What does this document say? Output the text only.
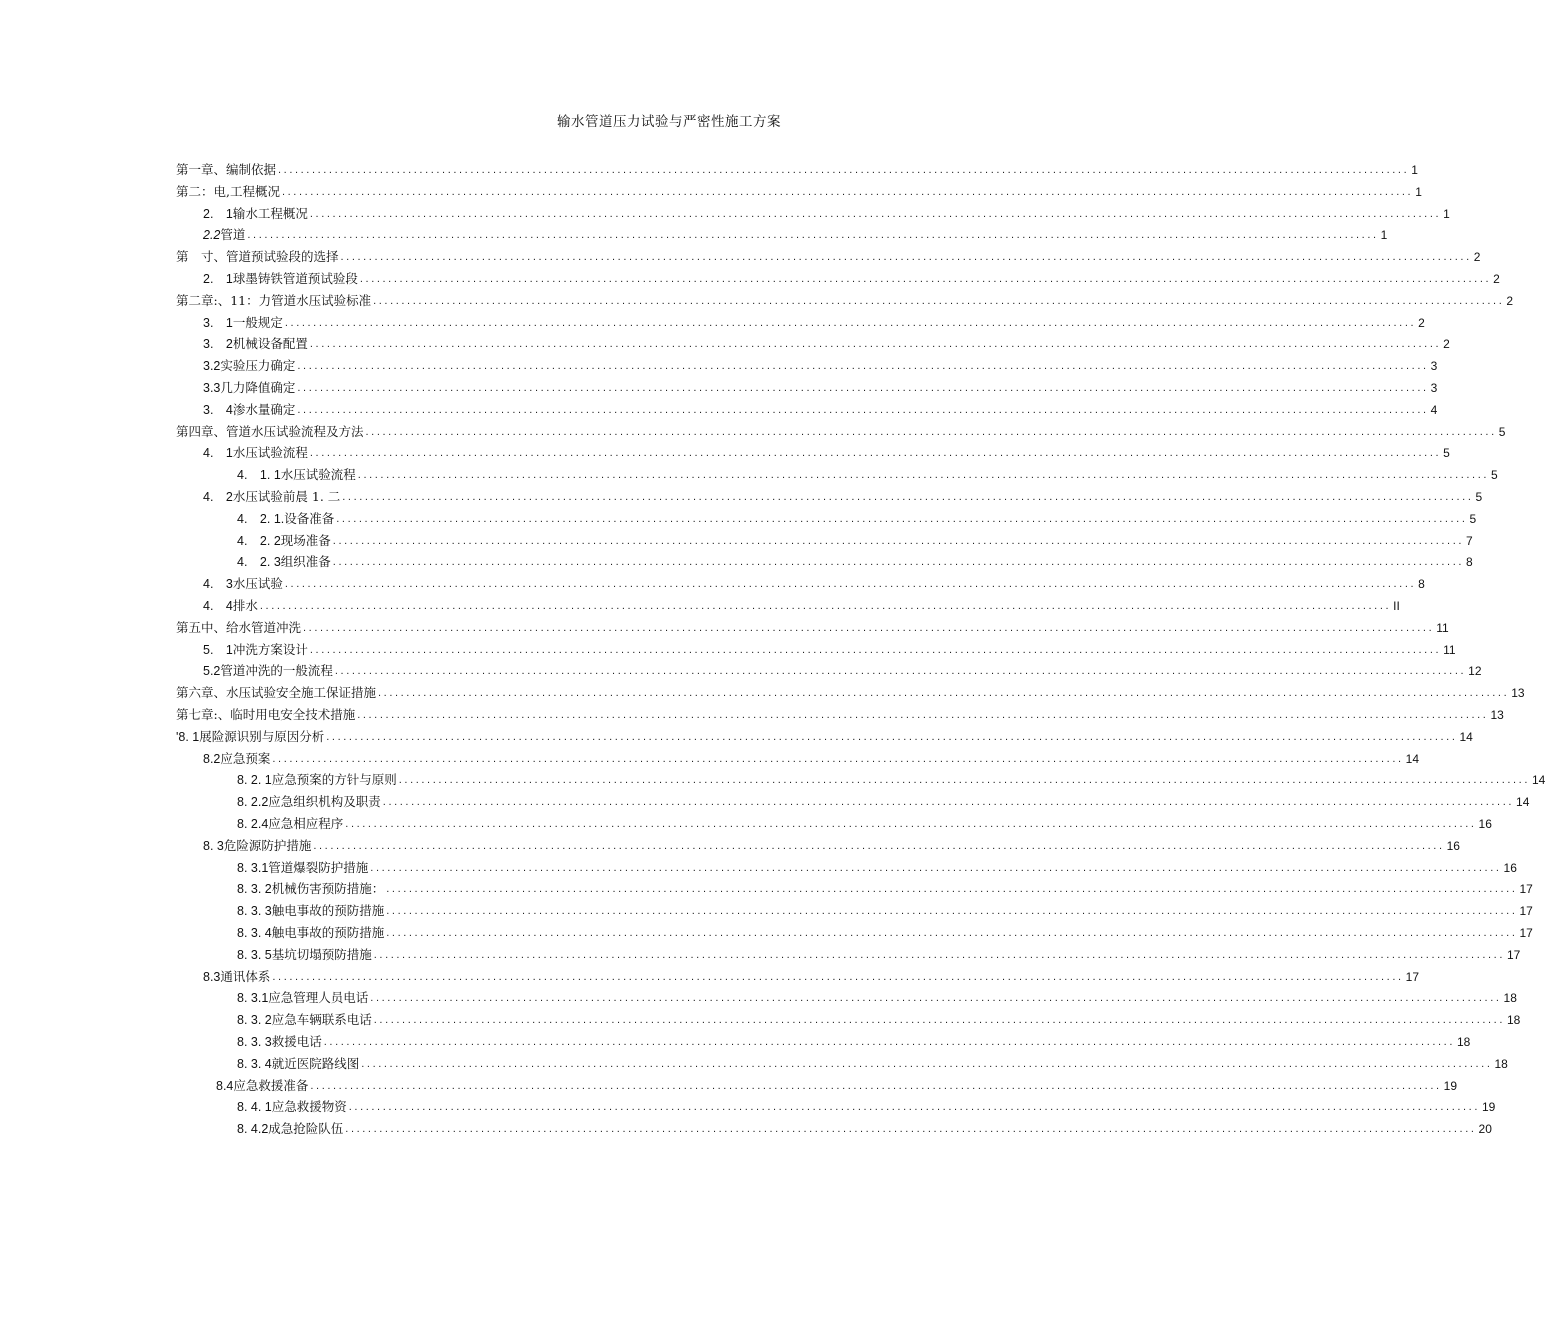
输水管道压力试验与严密性施工方案
第一章、编制依据 ........................................................................................................................................................................................................ 1
第二：电,工程概况 ........................................................................................................................................................................................................ 1
2.　1 输水工程概况 ........................................................................................................................................................................................................ 1
2.2 管道 ........................................................................................................................................................................................................ 1
第　寸、管道预试验段的选择 ........................................................................................................................................................................................................ 2
2.　1 球墨铸铁管道预试验段 ........................................................................................................................................................................................................ 2
第二章:、11：力管道水压试验标准 ........................................................................................................................................................................................................ 2
3.　1 一般规定 ........................................................................................................................................................................................................ 2
3.　2 机械设备配置 ........................................................................................................................................................................................................ 2
3.2 实验压力确定 ........................................................................................................................................................................................................ 3
3.3 几力降值确定 ........................................................................................................................................................................................................ 3
3.　4 渗水量确定 ........................................................................................................................................................................................................ 4
第四章、管道水压试验流程及方法 ........................................................................................................................................................................................................ 5
4.　1 水压试验流程 ........................................................................................................................................................................................................ 5
4.　1. 1 水压试验流程 ........................................................................................................................................................................................................ 5
4.　2 水压试验前晨 1. 二 ........................................................................................................................................................................................................ 5
4.　2. 1. 设备准备 ........................................................................................................................................................................................................ 5
4.　2. 2 现场准备 ........................................................................................................................................................................................................ 7
4.　2. 3 组织准备 ........................................................................................................................................................................................................ 8
4.　3 水压试验 ........................................................................................................................................................................................................ 8
4.　4 排水 ........................................................................................................................................................................................................ II
第五中、给水管道冲洗 ........................................................................................................................................................................................................ 11
5.　1 冲洗方案设计 ........................................................................................................................................................................................................ 11
5.2 管道冲洗的一般流程 ........................................................................................................................................................................................................ 12
第六章、水压试验安全施工保证措施 ........................................................................................................................................................................................................ 13
第七章:、临时用电安全技术措施 ........................................................................................................................................................................................................ 13
'8. 1 展险源识别与原因分析 ........................................................................................................................................................................................................ 14
8.2 应急预案 ........................................................................................................................................................................................................ 14
8. 2. 1 应急预案的方针与原则 ........................................................................................................................................................................................................ 14
8. 2.2 应急组织机构及职责 ........................................................................................................................................................................................................ 14
8. 2.4 应急相应程序 ........................................................................................................................................................................................................ 16
8. 3 危险源防护措施 ........................................................................................................................................................................................................ 16
8. 3.1 管道爆裂防护措施 ........................................................................................................................................................................................................ 16
8. 3. 2 机械伤害预防措施： ........................................................................................................................................................................................................ 17
8. 3. 3 触电事故的预防措施 ........................................................................................................................................................................................................ 17
8. 3. 4 触电事故的预防措施 ........................................................................................................................................................................................................ 17
8. 3. 5 基坑切塌预防措施 ........................................................................................................................................................................................................ 17
8.3 通讯体系 ........................................................................................................................................................................................................ 17
8. 3.1 应急管理人员电话 ........................................................................................................................................................................................................ 18
8. 3. 2 应急车辆联系电话 ........................................................................................................................................................................................................ 18
8. 3. 3 救援电话 ........................................................................................................................................................................................................ 18
8. 3. 4 就近医院路线图 ........................................................................................................................................................................................................ 18
8.4 应急救援准备 ........................................................................................................................................................................................................ 19
8. 4. 1 应急救援物资 ........................................................................................................................................................................................................ 19
8. 4.2 成急抢险队伍 ........................................................................................................................................................................................................ 20
